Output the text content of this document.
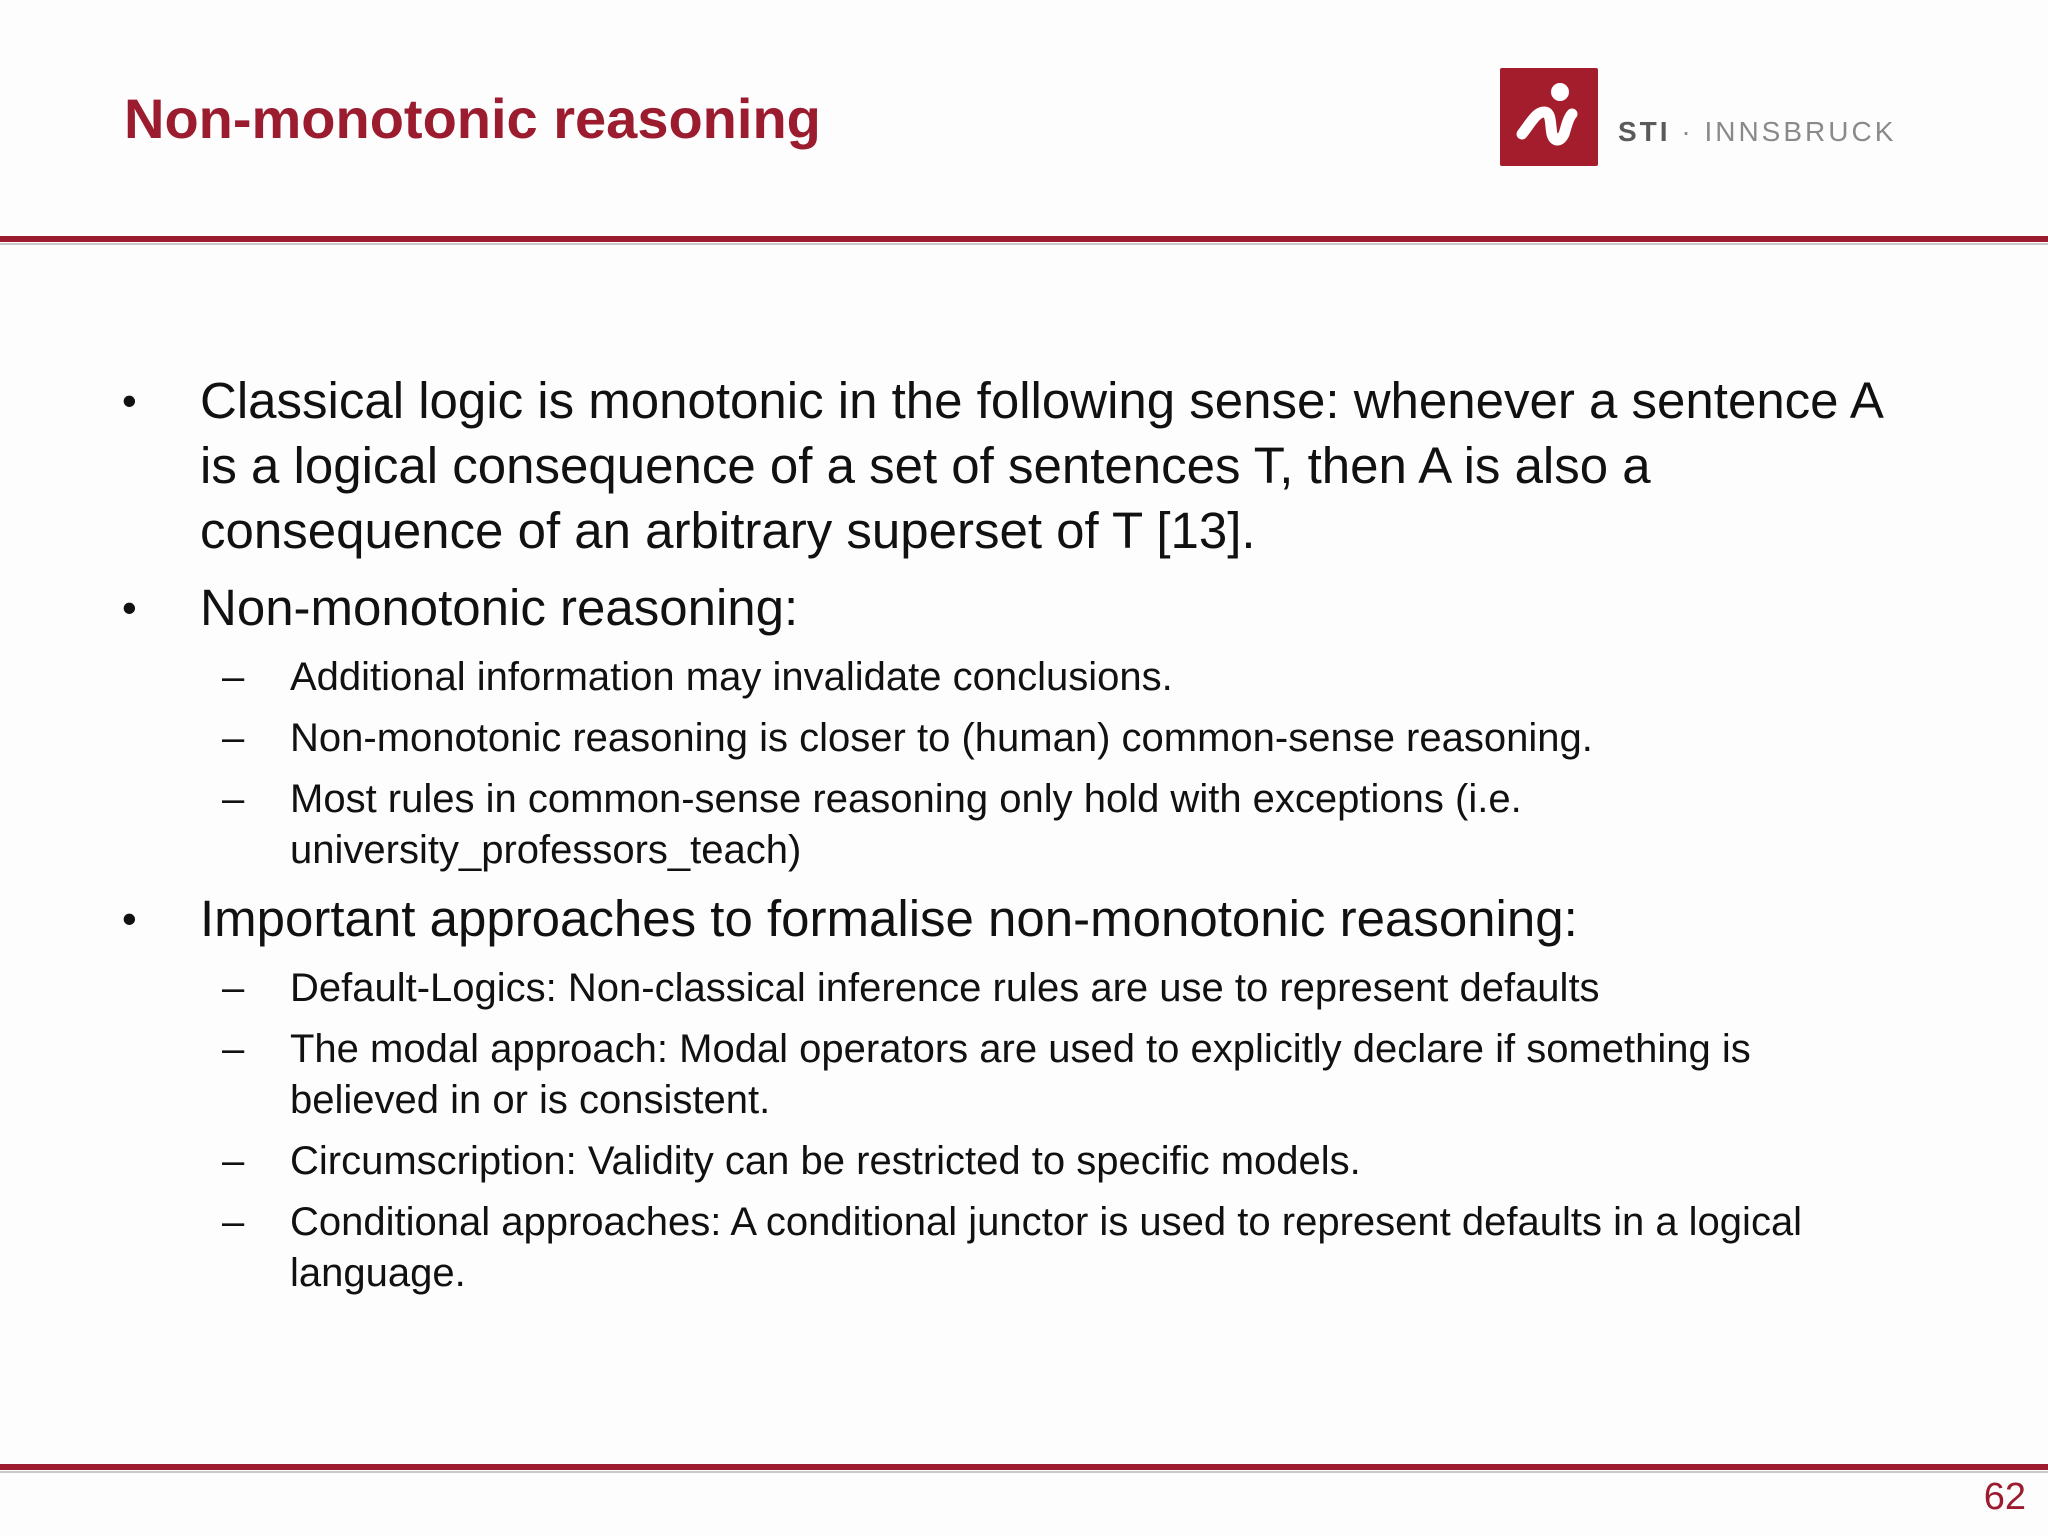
Non-monotonic reasoning	STI · INNSBRUCK
• Classical logic is monotonic in the following sense: whenever a sentence A is a logical consequence of a set of sentences T, then A is also a consequence of an arbitrary superset of T [13].
• Non-monotonic reasoning:
– Additional information may invalidate conclusions.
– Non-monotonic reasoning is closer to (human) common-sense reasoning.
– Most rules in common-sense reasoning only hold with exceptions (i.e. university_professors_teach)
• Important approaches to formalise non-monotonic reasoning:
– Default-Logics: Non-classical inference rules are use to represent defaults
– The modal approach: Modal operators are used to explicitly declare if something is believed in or is consistent.
– Circumscription: Validity can be restricted to specific models.
– Conditional approaches: A conditional junctor is used to represent defaults in a logical language.
62
